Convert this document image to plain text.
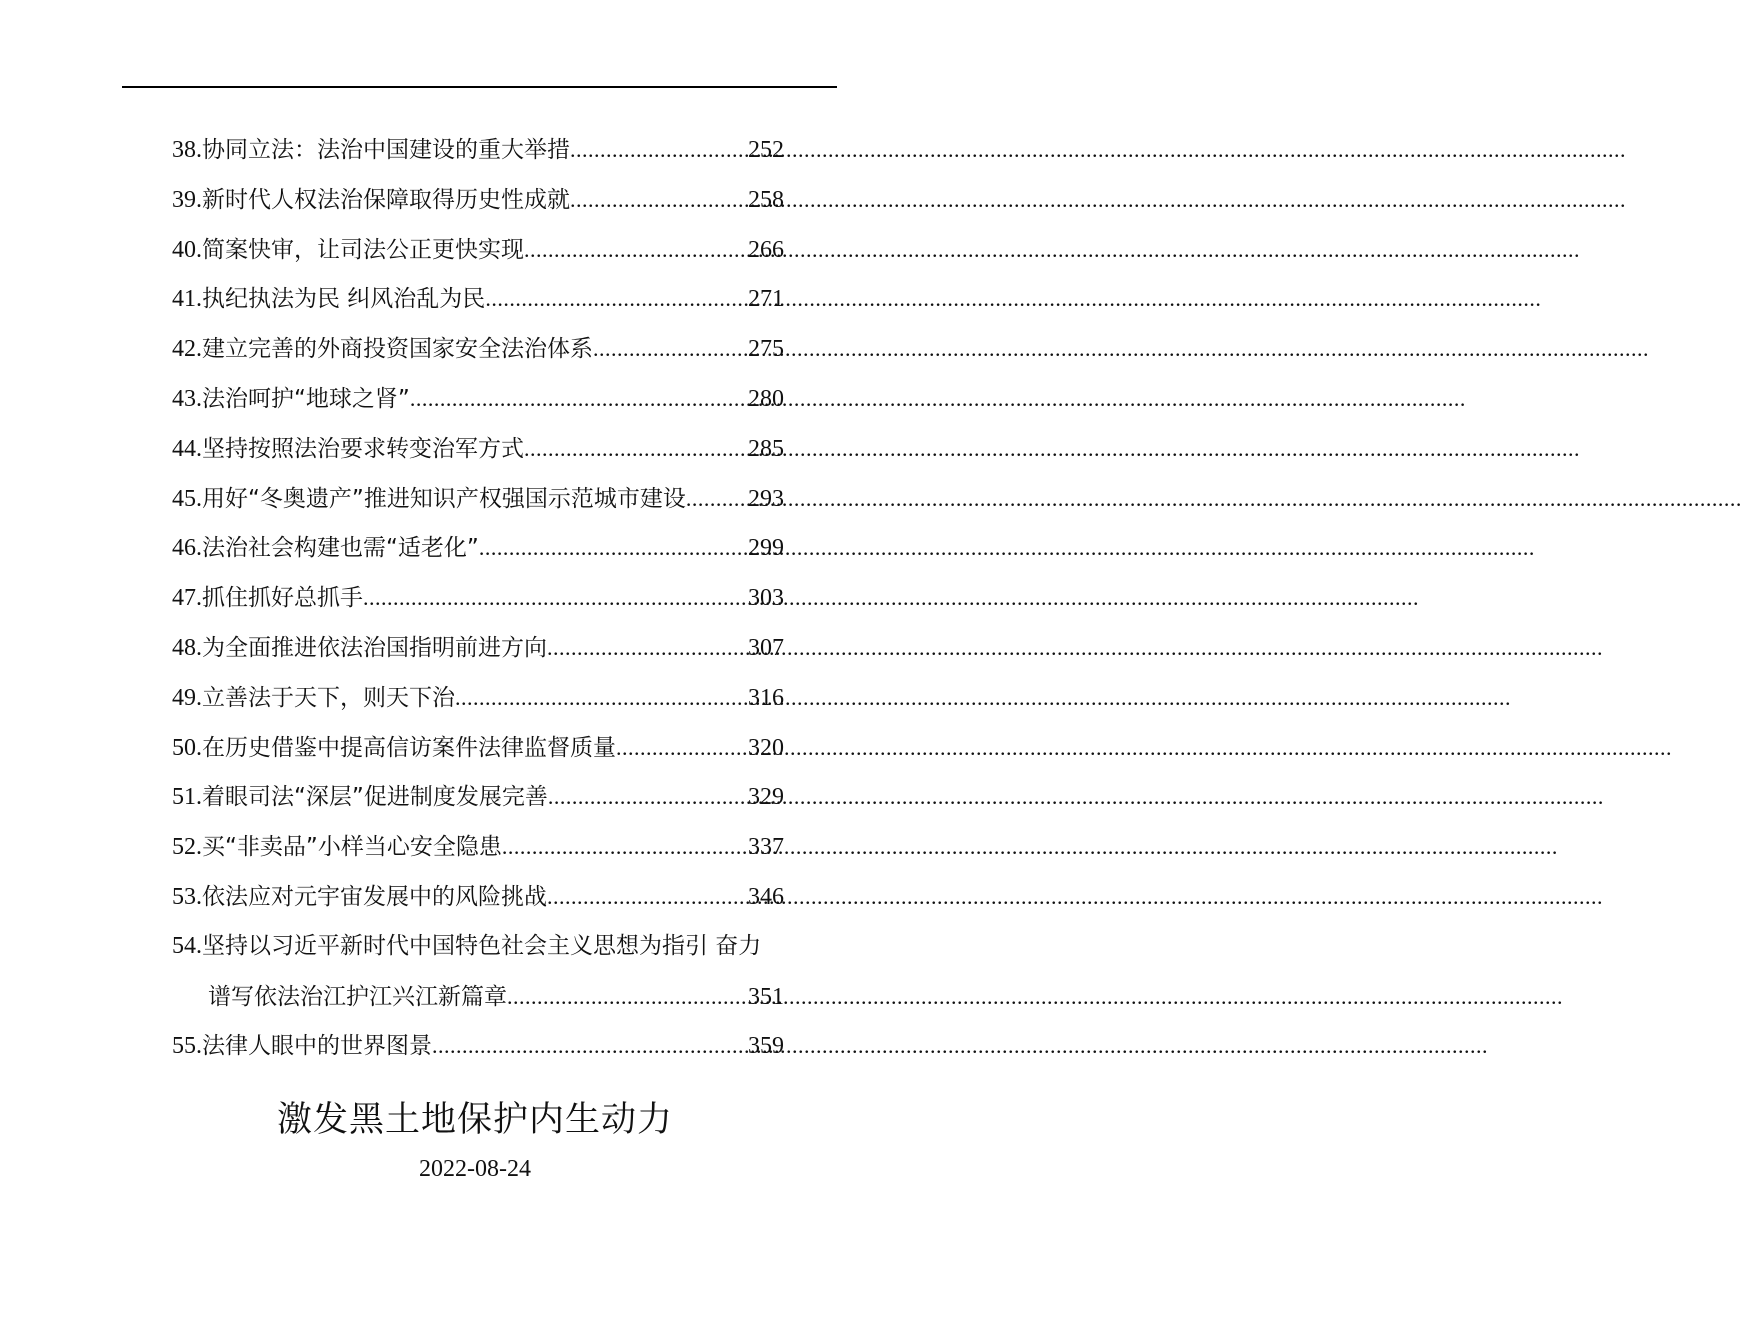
38. 协同立法：法治中国建设的重大举措 .....	252
39. 新时代人权法治保障取得历史性成就 .....	258
40. 简案快审，让司法公正更快实现 .....	266
41. 执纪执法为民 纠风治乱为民 .....	271
42. 建立完善的外商投资国家安全法治体系 .....	275
43. 法治呵护“地球之肾” .....	280
44. 坚持按照法治要求转变治军方式 .....	285
45. 用好“冬奥遗产”推进知识产权强国示范城市建设 .....	293
46. 法治社会构建也需“适老化” .....	299
47. 抓住抓好总抓手 .....	303
48. 为全面推进依法治国指明前进方向 .....	307
49. 立善法于天下，则天下治 .....	316
50. 在历史借鉴中提高信访案件法律监督质量 .....	320
51. 着眼司法“深层”促进制度发展完善 .....	329
52. 买“非卖品”小样当心安全隐患 .....	337
53. 依法应对元宇宙发展中的风险挑战 .....	346
54. 坚持以习近平新时代中国特色社会主义思想为指引 奋力
谱写依法治江护江兴江新篇章 .....	351
55. 法律人眼中的世界图景 .....	359
激发黑土地保护内生动力
2022-08-24
